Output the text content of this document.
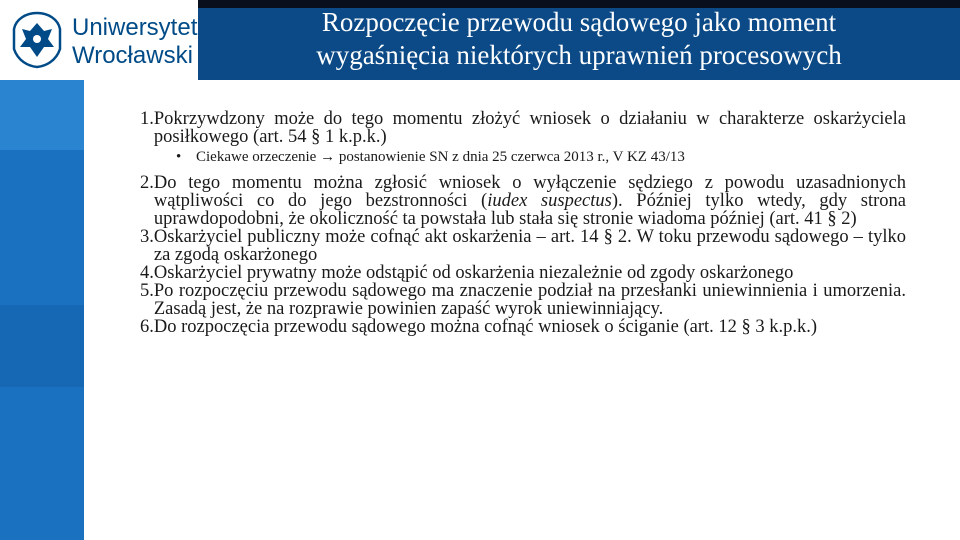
Uniwersytet
Wrocławski
Rozpoczęcie przewodu sądowego jako moment
wygaśnięcia niektórych uprawnień procesowych
1. Pokrzywdzony może do tego momentu złożyć wniosek o działaniu w charakterze oskarżyciela posiłkowego (art. 54 § 1 k.p.k.)
• Ciekawe orzeczenie → postanowienie SN z dnia 25 czerwca 2013 r., V KZ 43/13
2. Do tego momentu można zgłosić wniosek o wyłączenie sędziego z powodu uzasadnionych wątpliwości co do jego bezstronności (iudex suspectus). Później tylko wtedy, gdy strona uprawdopodobni, że okoliczność ta powstała lub stała się stronie wiadoma później (art. 41 § 2)
3. Oskarżyciel publiczny może cofnąć akt oskarżenia – art. 14 § 2. W toku przewodu sądowego – tylko za zgodą oskarżonego
4. Oskarżyciel prywatny może odstąpić od oskarżenia niezależnie od zgody oskarżonego
5. Po rozpoczęciu przewodu sądowego ma znaczenie podział na przesłanki uniewinnienia i umorzenia. Zasadą jest, że na rozprawie powinien zapaść wyrok uniewinniający.
6. Do rozpoczęcia przewodu sądowego można cofnąć wniosek o ściganie (art. 12 § 3 k.p.k.)
